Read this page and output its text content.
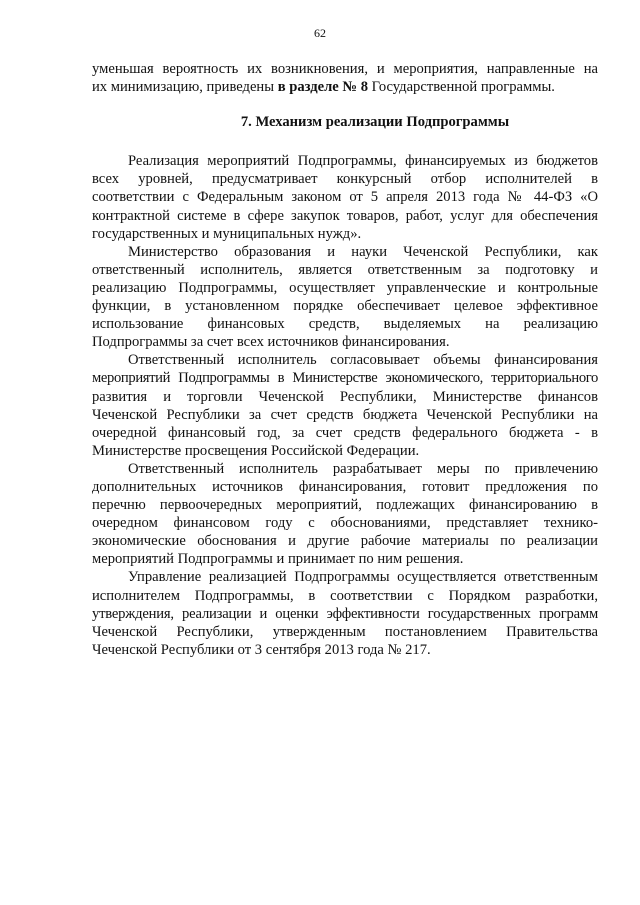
62
уменьшая вероятность их возникновения, и мероприятия, направленные на
их минимизацию, приведены в разделе № 8 Государственной программы.
7. Механизм реализации Подпрограммы
Реализация мероприятий Подпрограммы, финансируемых из бюджетов
всех уровней, предусматривает конкурсный отбор исполнителей в
соответствии с Федеральным законом от 5 апреля 2013 года № 44-ФЗ «О
контрактной системе в сфере закупок товаров, работ, услуг для обеспечения
государственных и муниципальных нужд».
Министерство образования и науки Чеченской Республики, как
ответственный исполнитель, является ответственным за подготовку и
реализацию Подпрограммы, осуществляет управленческие и контрольные
функции, в установленном порядке обеспечивает целевое эффективное
использование финансовых средств, выделяемых на реализацию
Подпрограммы за счет всех источников финансирования.
Ответственный исполнитель согласовывает объемы финансирования
мероприятий Подпрограммы в Министерстве экономического, территориального
развития и торговли Чеченской Республики, Министерстве финансов
Чеченской Республики за счет средств бюджета Чеченской Республики на
очередной финансовый год, за счет средств федерального бюджета - в
Министерстве просвещения Российской Федерации.
Ответственный исполнитель разрабатывает меры по привлечению
дополнительных источников финансирования, готовит предложения по
перечню первоочередных мероприятий, подлежащих финансированию в
очередном финансовом году с обоснованиями, представляет технико-
экономические обоснования и другие рабочие материалы по реализации
мероприятий Подпрограммы и принимает по ним решения.
Управление реализацией Подпрограммы осуществляется ответственным
исполнителем Подпрограммы, в соответствии с Порядком разработки,
утверждения, реализации и оценки эффективности государственных программ
Чеченской Республики, утвержденным постановлением Правительства
Чеченской Республики от 3 сентября 2013 года № 217.
